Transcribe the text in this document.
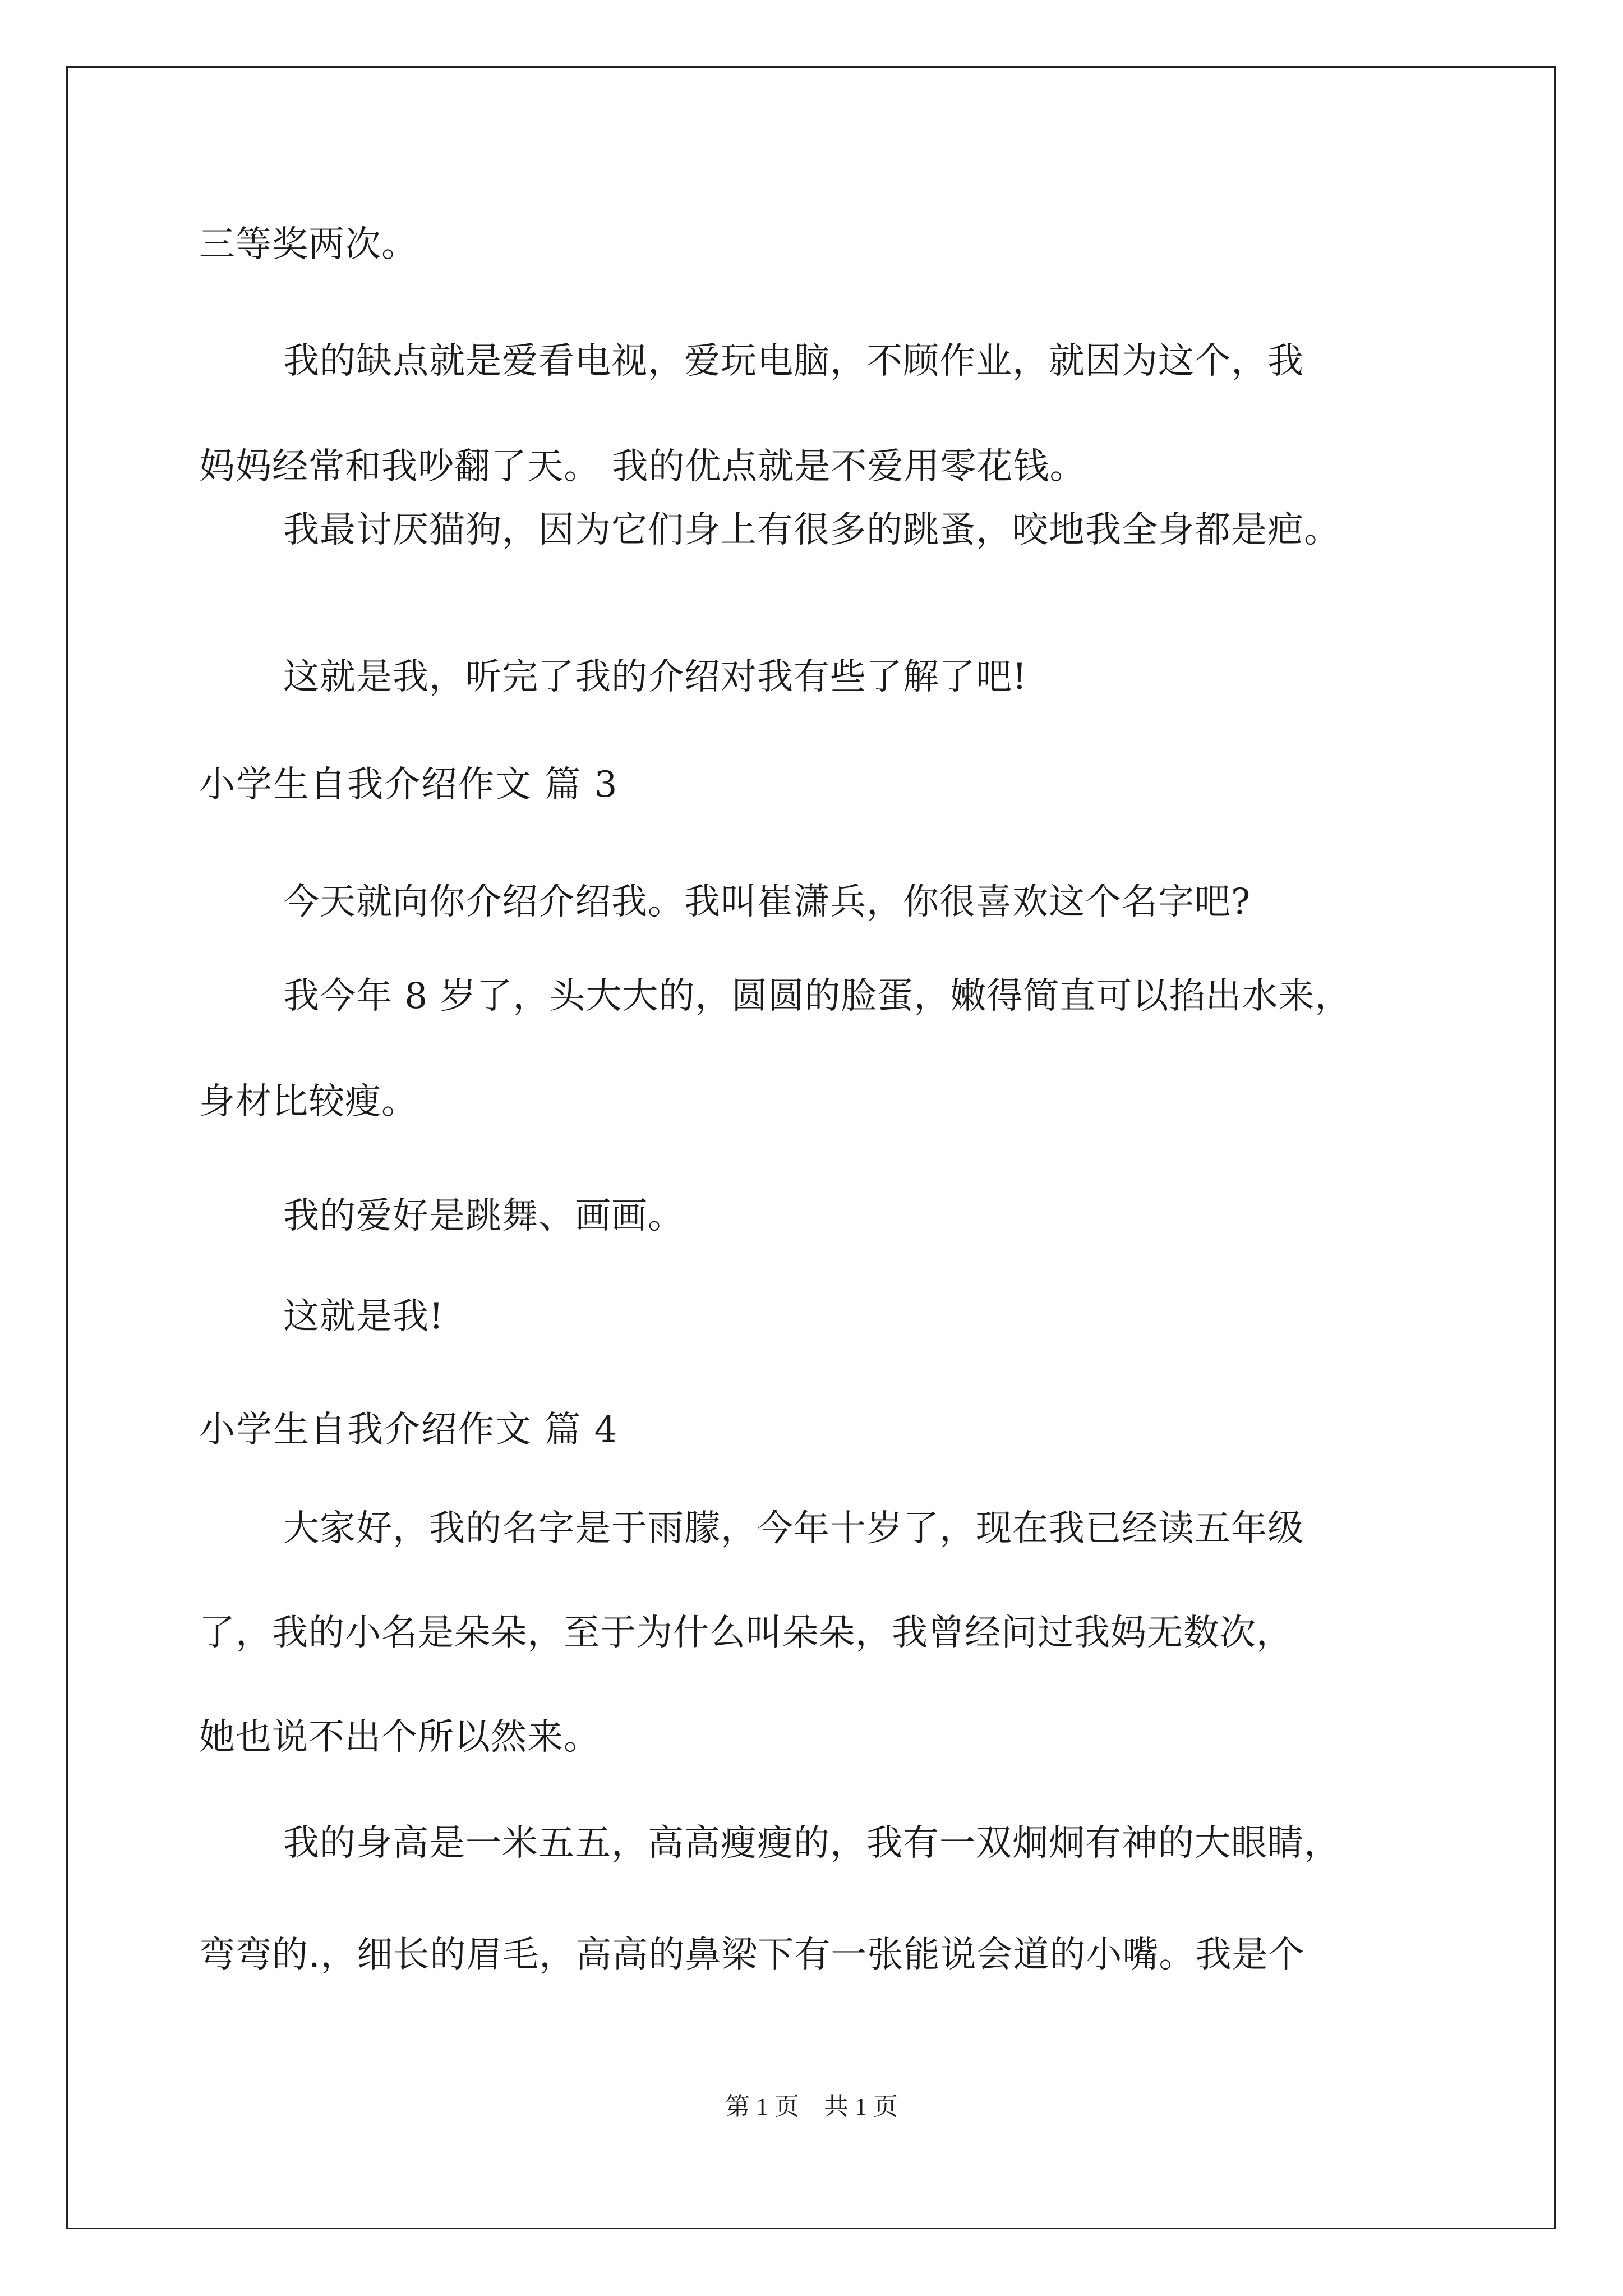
三等奖两次。
我的缺点就是爱看电视，爱玩电脑，不顾作业，就因为这个，我
妈妈经常和我吵翻了天。 我的优点就是不爱用零花钱。
我最讨厌猫狗，因为它们身上有很多的跳蚤，咬地我全身都是疤。
这就是我，听完了我的介绍对我有些了解了吧!
小学生自我介绍作文 篇 3
今天就向你介绍介绍我。我叫崔潇兵，你很喜欢这个名字吧?
我今年 8 岁了，头大大的，圆圆的脸蛋，嫩得简直可以掐出水来，
身材比较瘦。
我的爱好是跳舞、画画。
这就是我!
小学生自我介绍作文 篇 4
大家好，我的名字是于雨朦，今年十岁了，现在我已经读五年级
了，我的小名是朵朵，至于为什么叫朵朵，我曾经问过我妈无数次，
她也说不出个所以然来。
我的身高是一米五五，高高瘦瘦的，我有一双炯炯有神的大眼睛，
弯弯的.，细长的眉毛，高高的鼻梁下有一张能说会道的小嘴。我是个
第 1 页　共 1 页
